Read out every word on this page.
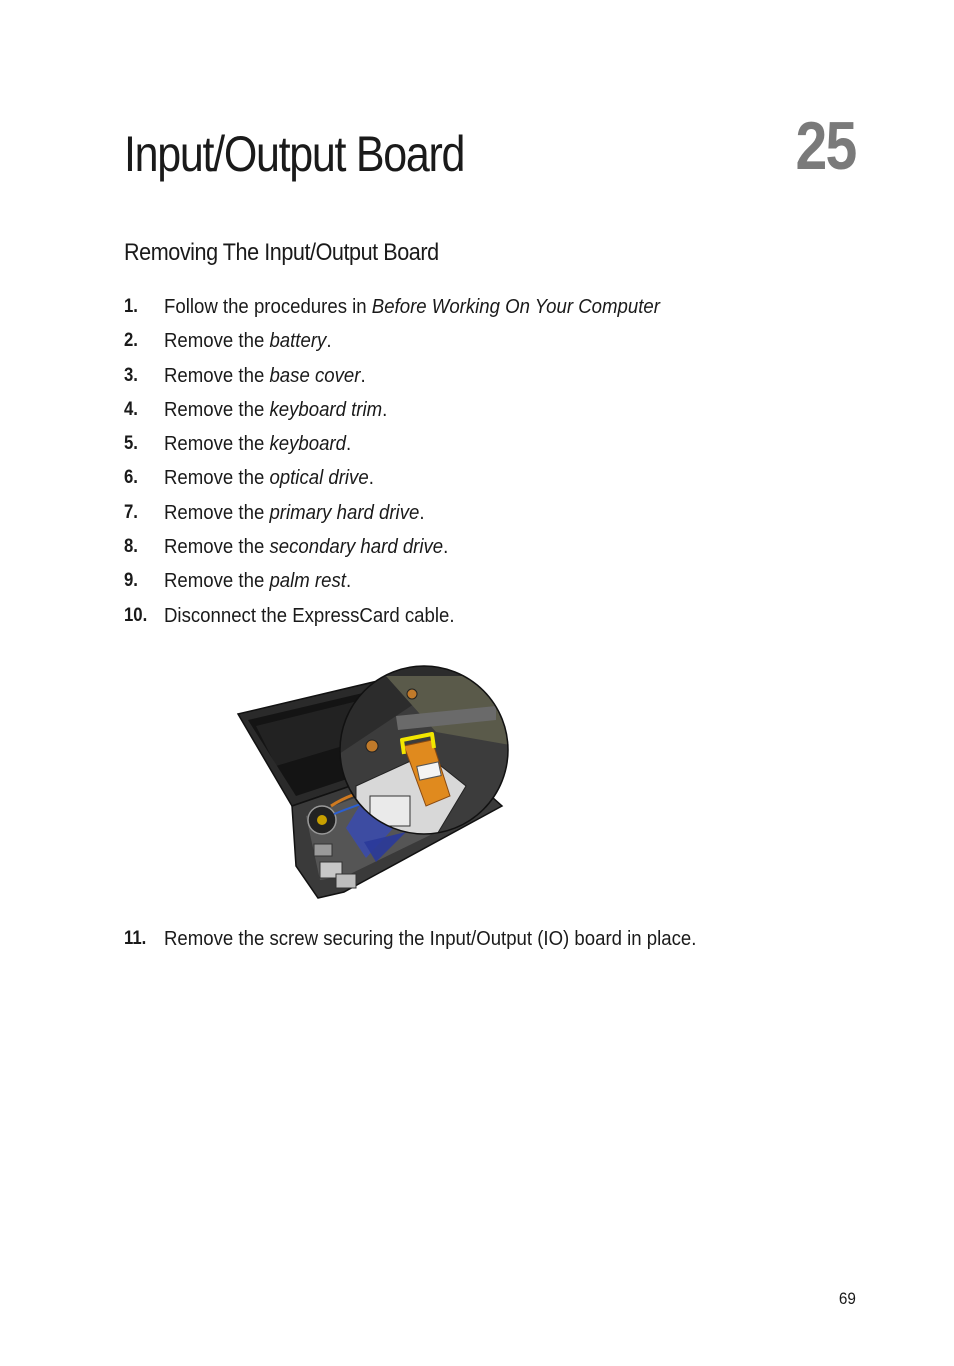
Input/Output Board	25
Removing The Input/Output Board
1. Follow the procedures in Before Working On Your Computer
2. Remove the battery.
3. Remove the base cover.
4. Remove the keyboard trim.
5. Remove the keyboard.
6. Remove the optical drive.
7. Remove the primary hard drive.
8. Remove the secondary hard drive.
9. Remove the palm rest.
10. Disconnect the ExpressCard cable.
11. Remove the screw securing the Input/Output (IO) board in place.
69
